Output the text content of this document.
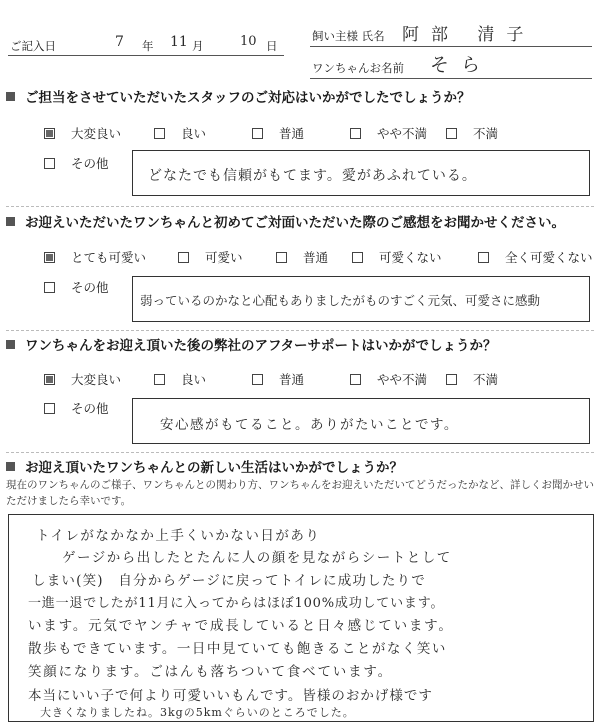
ご記入日	7 年 11 月	10 日
飼い主様 氏名 阿部 清子
ワンちゃんお名前 そら
ご担当をさせていただいたスタッフのご対応はいかがでしたでしょうか？
大変良い	良い	普通	やや不満	不満
その他
どなたでも信頼がもてます。愛があふれている。
お迎えいただいたワンちゃんと初めてご対面いただいた際のご感想をお聞かせください。
とても可愛い	可愛い	普通	可愛くない	全く可愛くない
その他
弱っているのかなと心配もありましたがものすごく元気、可愛さに感動
ワンちゃんをお迎え頂いた後の弊社のアフターサポートはいかがでしょうか？
大変良い	良い	普通	やや不満	不満
その他
安心感がもてること。ありがたいことです。
お迎え頂いたワンちゃんとの新しい生活はいかがでしょうか？
現在のワンちゃんのご様子、ワンちゃんとの関わり方、ワンちゃんをお迎えいただいてどうだったかなど、詳しくお聞かせいただけました​ら幸いです。
トイレがなかなか上手くいかない日があり
ゲージから出したとたんに人の顔を見ながらシートとして
しまい(笑)　自分からゲージに戻ってトイレに成功したりで
一進一退でしたが11月に入ってからはほぼ100%成功しています。
います。元気でヤンチャで成長していると日々感じています。
散歩もできています。一日中見ていても飽きることがなく笑い
笑顔になります。ごはんも落ちついて食べています。
本当にいい子で何より可愛いいもんです。皆様のおかげ様です
大きくなりましたね。3kgの5kmぐらいのところでした。
